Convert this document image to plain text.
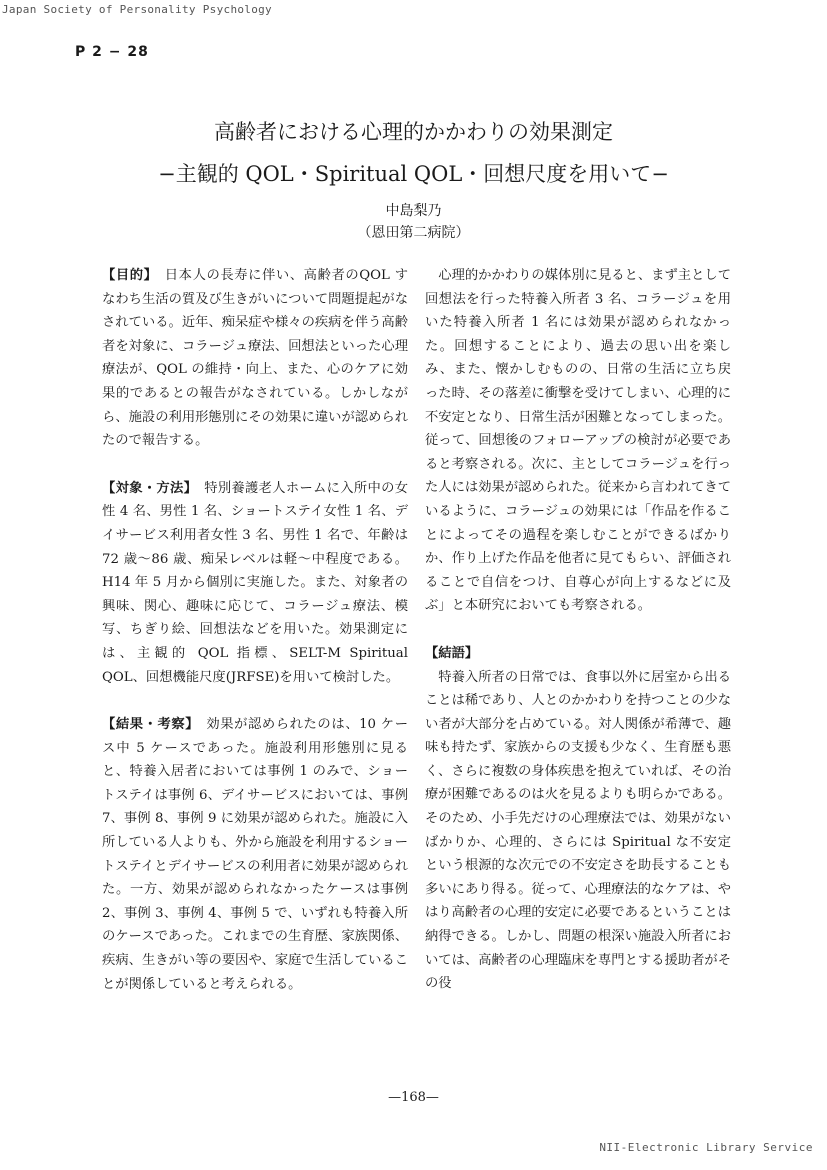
Japan Society of Personality Psychology
P 2 − 28
高齢者における心理的かかわりの効果測定
−主観的 QOL・Spiritual QOL・回想尺度を用いて−
中島梨乃
（恩田第二病院）

【目的】　日本人の長寿に伴い、高齢者のQOL すなわち生活の質及び生きがいについて問題提起がなされている。近年、痴呆症や様々の疾病を伴う高齢者を対象に、コラージュ療法、回想法といった心理療法が、QOL の維持・向上、また、心のケアに効果的であるとの報告がなされている。しかしながら、施設の利用形態別にその効果に違いが認められたので報告する。

【対象・方法】　特別養護老人ホームに入所中の女性 4 名、男性 1 名、ショートステイ女性 1 名、デイサービス利用者女性 3 名、男性 1 名で、年齢は 72 歳〜86 歳、痴呆レベルは軽〜中程度である。H14 年 5 月から個別に実施した。また、対象者の興味、関心、趣味に応じて、コラージュ療法、模写、ちぎり絵、回想法などを用いた。効果測定には、主観的 QOL 指標、SELT-M Spiritual QOL、回想機能尺度(JRFSE)を用いて検討した。

【結果・考察】　効果が認められたのは、10 ケース中 5 ケースであった。施設利用形態別に見ると、特養入居者においては事例 1 のみで、ショートステイは事例 6、デイサービスにおいては、事例 7、事例 8、事例 9 に効果が認められた。施設に入所している人よりも、外から施設を利用するショートステイとデイサービスの利用者に効果が認められた。一方、効果が認められなかったケースは事例 2、事例 3、事例 4、事例 5 で、いずれも特養入所のケースであった。これまでの生育歴、家族関係、疾病、生きがい等の要因や、家庭で生活していることが関係していると考えられる。

心理的かかわりの媒体別に見ると、まず主として回想法を行った特養入所者 3 名、コラージュを用いた特養入所者 1 名には効果が認められなかった。回想することにより、過去の思い出を楽しみ、また、懐かしむものの、日常の生活に立ち戻った時、その落差に衝撃を受けてしまい、心理的に不安定となり、日常生活が困難となってしまった。従って、回想後のフォローアップの検討が必要であると考察される。次に、主としてコラージュを行った人には効果が認められた。従来から言われてきているように、コラージュの効果には「作品を作ることによってその過程を楽しむことができるばかりか、作り上げた作品を他者に見てもらい、評価されることで自信をつけ、自尊心が向上するなどに及ぶ」と本研究においても考察される。

【結語】

特養入所者の日常では、食事以外に居室から出ることは稀であり、人とのかかわりを持つことの少ない者が大部分を占めている。対人関係が希薄で、趣味も持たず、家族からの支援も少なく、生育歴も悪く、さらに複数の身体疾患を抱えていれば、その治療が困難であるのは火を見るよりも明らかである。そのため、小手先だけの心理療法では、効果がないばかりか、心理的、さらには Spiritual な不安定という根源的な次元での不安定さを助長することも多いにあり得る。従って、心理療法的なケアは、やはり高齢者の心理的安定に必要であるということは納得できる。しかし、問題の根深い施設入所者においては、高齢者の心理臨床を専門とする援助者がその役

—168—
NII-Electronic Library Service
